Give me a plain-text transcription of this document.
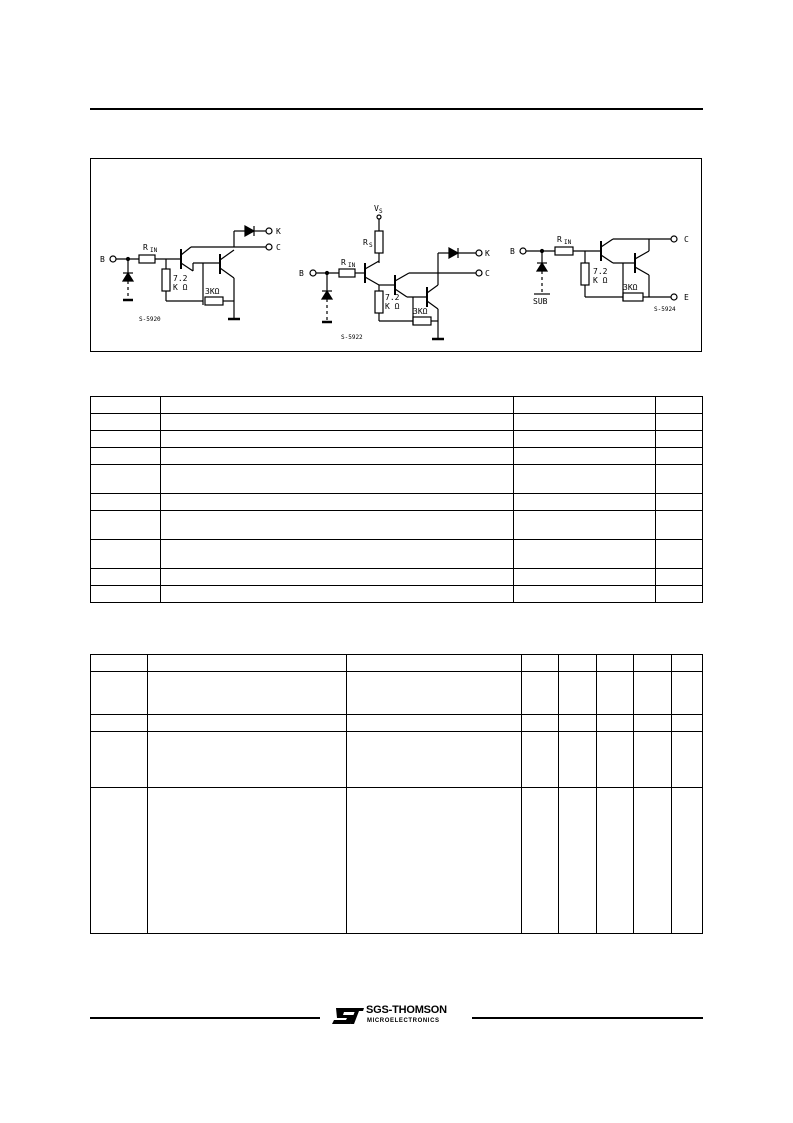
B
R IN
7.2
K Ω 3KΩ
K
C
S-5920
V S
R S
B
R IN
7.2
K Ω
3KΩ
K
C
S-5922
B
R IN
7.2
K Ω
3KΩ
SUB
C
E
S-5924

SGS-THOMSON
MICROELECTRONICS
